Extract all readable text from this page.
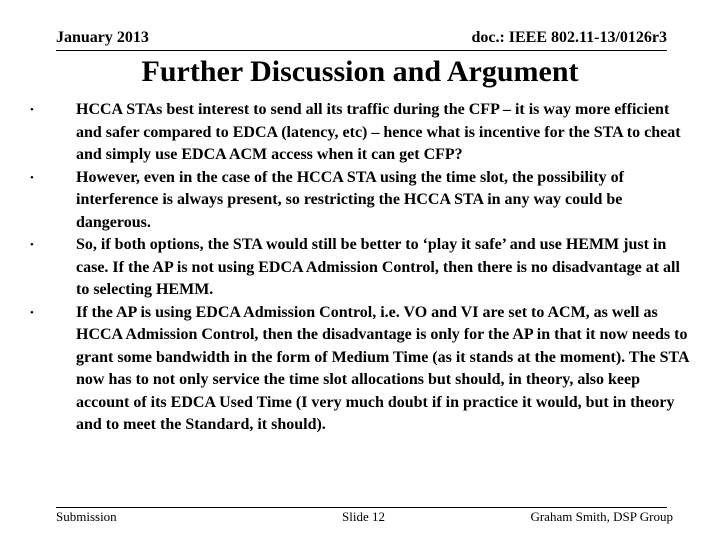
January 2013	doc.: IEEE 802.11-13/0126r3
Further Discussion and Argument
•	HCCA STAs best interest to send all its traffic during the CFP – it is way more efficient and safer compared to EDCA (latency, etc) – hence what is incentive for the STA to cheat and simply use EDCA ACM access when it can get CFP?
•	However, even in the case of the HCCA STA using the time slot, the possibility of interference is always present, so restricting the HCCA STA in any way could be dangerous.
•	So, if both options, the STA would still be better to ‘play it safe’ and use HEMM just in case. If the AP is not using EDCA Admission Control, then there is no disadvantage at all to selecting HEMM.
•	If the AP is using EDCA Admission Control, i.e. VO and VI are set to ACM, as well as HCCA Admission Control, then the disadvantage is only for the AP in that it now needs to grant some bandwidth in the form of Medium Time (as it stands at the moment). The STA now has to not only service the time slot allocations but should, in theory, also keep account of its EDCA Used Time (I very much doubt if in practice it would, but in theory and to meet the Standard, it should).
Submission	Slide 12	Graham Smith, DSP Group
